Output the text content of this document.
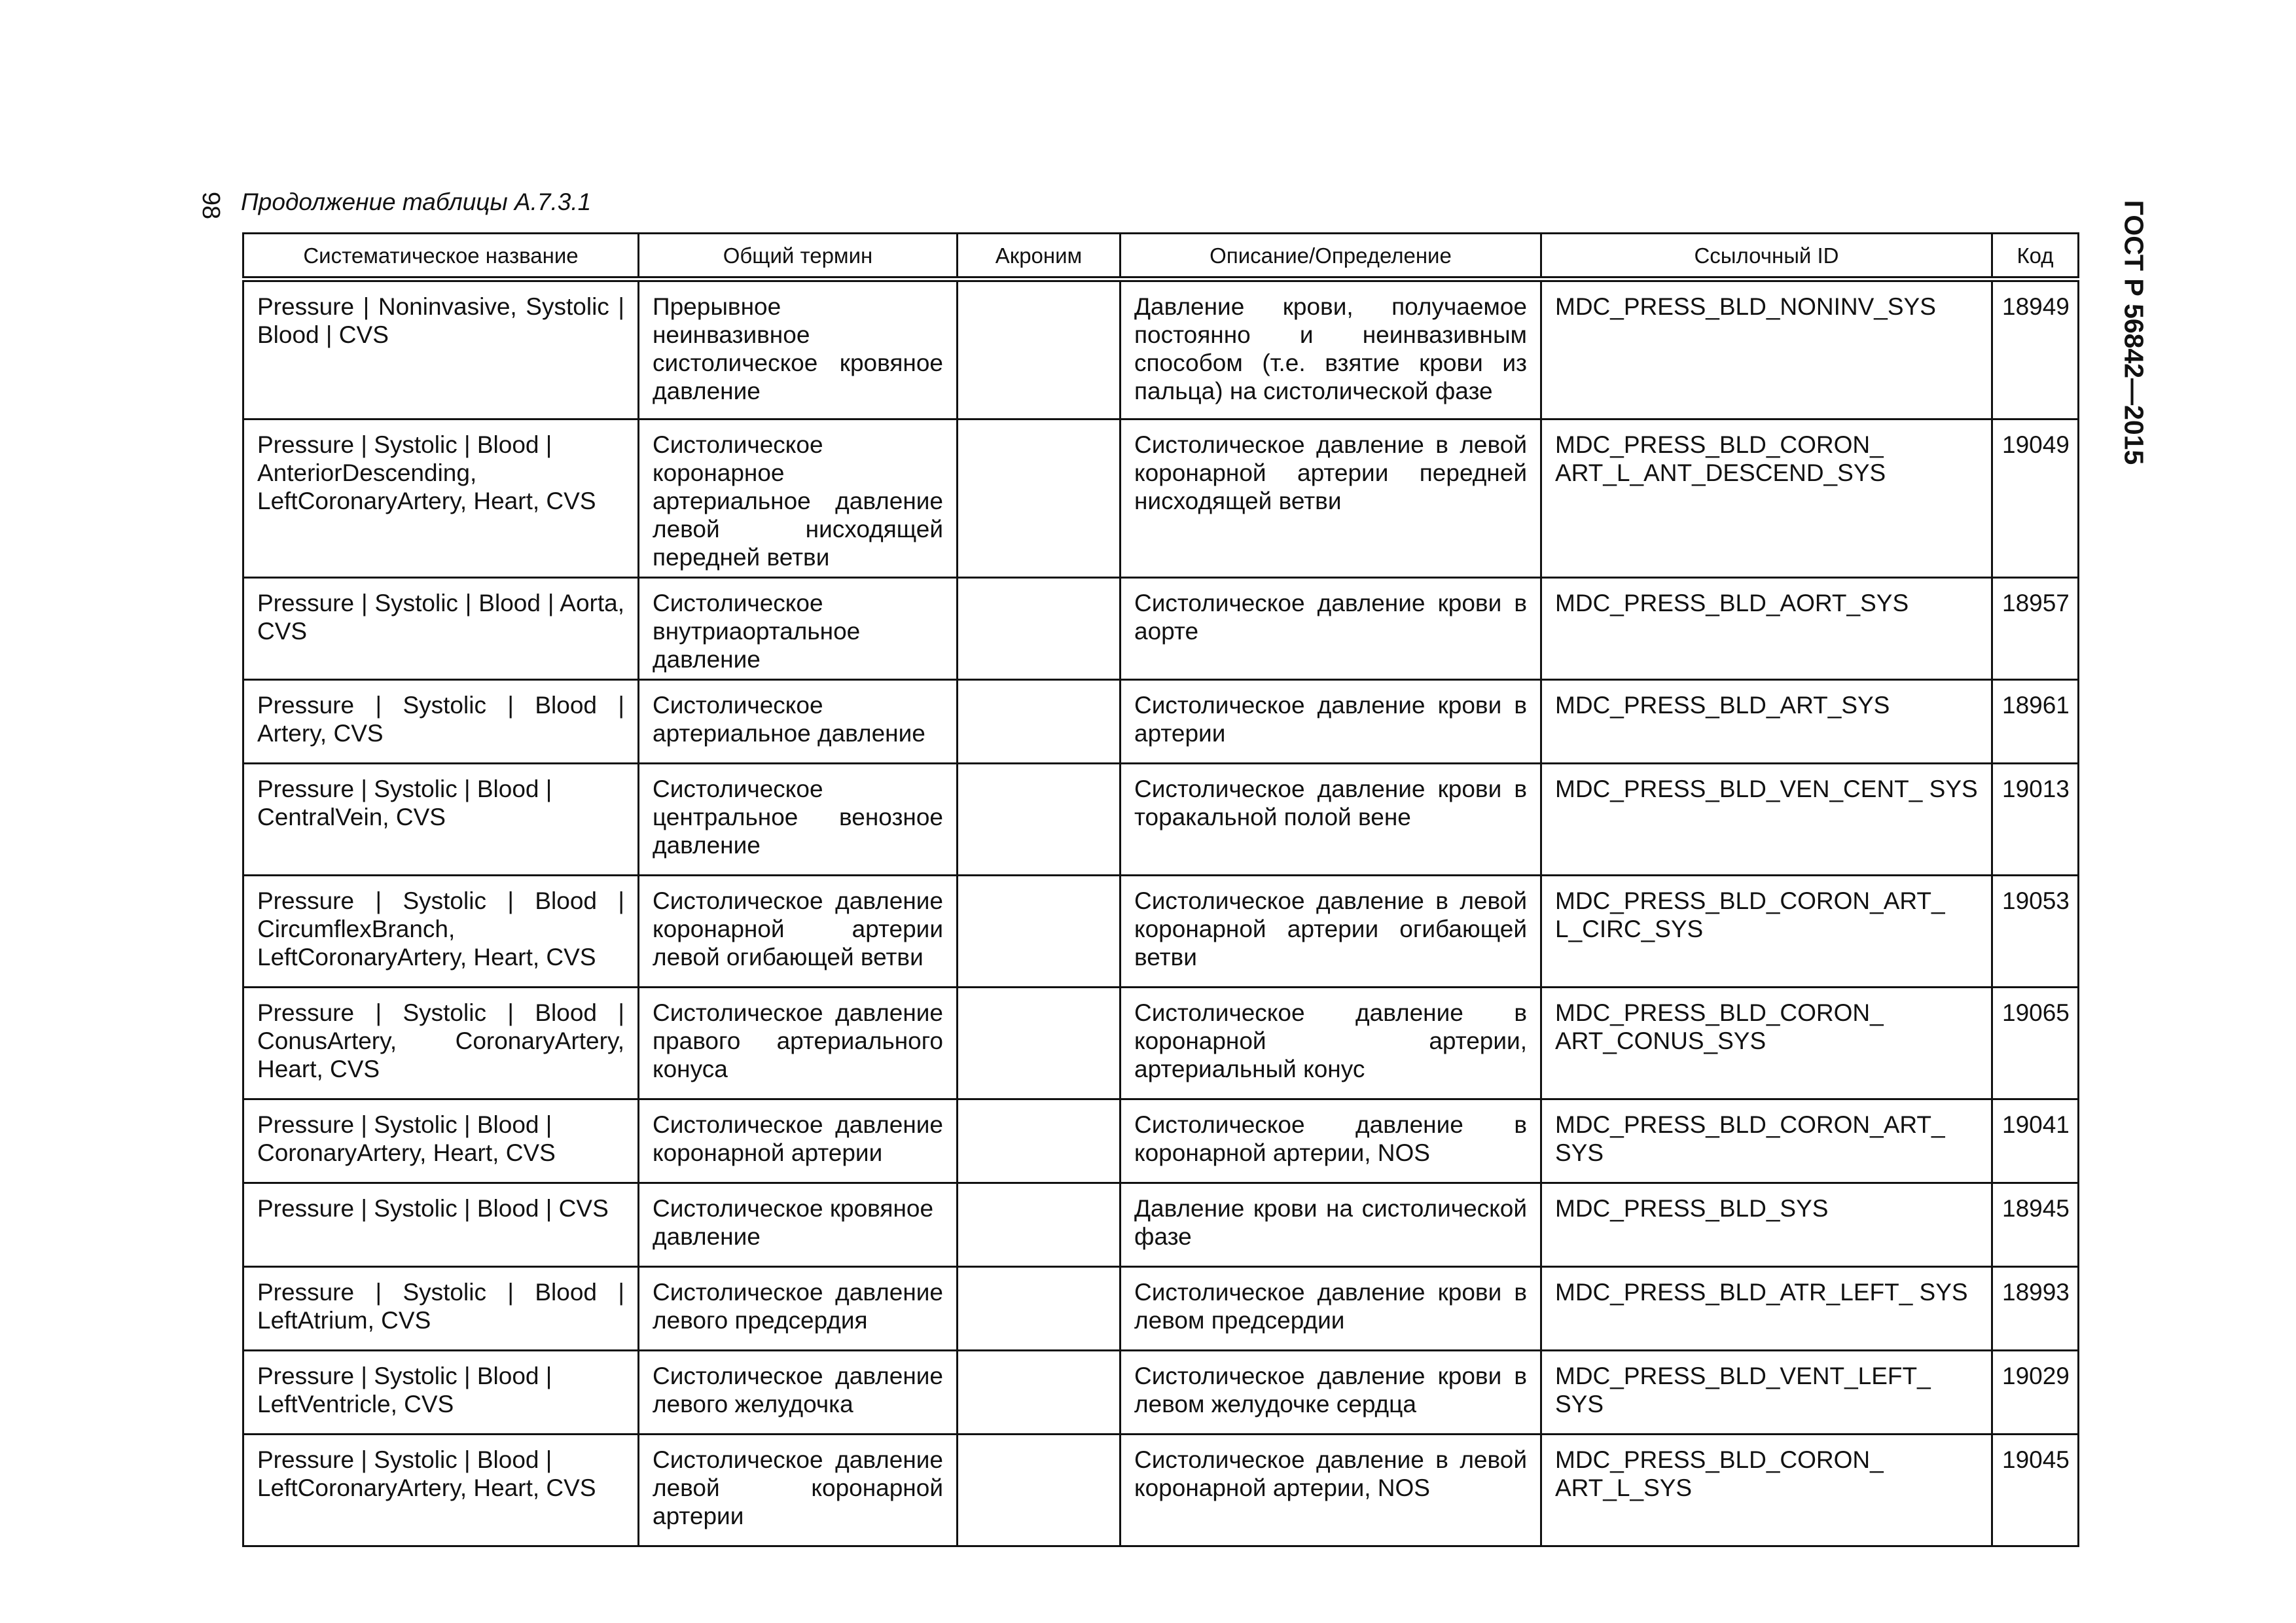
98 Продолжение таблицы А.7.3.1	ГОСТ Р 56842—2015
Систематическое название	Общий термин	Акроним	Описание/Определение	Ссылочный ID	Код
Pressure | Noninvasive, Systolic | Blood | CVS	Прерывное неинвазивное систолическое кровяное давление		Давление крови, получаемое постоянно и неинвазивным способом (т.е. взятие крови из пальца) на систолической фазе	MDC_PRESS_BLD_NONINV_SYS	18949
Pressure | Systolic | Blood | AnteriorDescending, LeftCoronaryArtery, Heart, CVS	Систолическое коронарное артериальное давление левой нисходящей передней ветви		Систолическое давление в левой коронарной артерии передней нисходящей ветви	MDC_PRESS_BLD_CORON_ ART_L_ANT_DESCEND_SYS	19049
Pressure | Systolic | Blood | Aorta, CVS	Систолическое внутриаортальное давление		Систолическое давление крови в аорте	MDC_PRESS_BLD_AORT_SYS	18957
Pressure | Systolic | Blood | Artery, CVS	Систолическое артериальное давление		Систолическое давление крови в артерии	MDC_PRESS_BLD_ART_SYS	18961
Pressure | Systolic | Blood | CentralVein, CVS	Систолическое центральное венозное давление		Систолическое давление крови в торакальной полой вене	MDC_PRESS_BLD_VEN_CENT_ SYS	19013
Pressure | Systolic | Blood | CircumflexBranch, LeftCoronaryArtery, Heart, CVS	Систолическое давление коронарной артерии левой огибающей ветви		Систолическое давление в левой коронарной артерии огибающей ветви	MDC_PRESS_BLD_CORON_ART_ L_CIRC_SYS	19053
Pressure | Systolic | Blood | ConusArtery, CoronaryArtery, Heart, CVS	Систолическое давление правого артериального конуса		Систолическое давление в коронарной артерии, артериальный конус	MDC_PRESS_BLD_CORON_ ART_CONUS_SYS	19065
Pressure | Systolic | Blood | CoronaryArtery, Heart, CVS	Систолическое давление коронарной артерии		Систолическое давление в коронарной артерии, NOS	MDC_PRESS_BLD_CORON_ART_ SYS	19041
Pressure | Systolic | Blood | CVS	Систолическое кровяное давление		Давление крови на систолической фазе	MDC_PRESS_BLD_SYS	18945
Pressure | Systolic | Blood | LeftAtrium, CVS	Систолическое давление левого предсердия		Систолическое давление крови в левом предсердии	MDC_PRESS_BLD_ATR_LEFT_ SYS	18993
Pressure | Systolic | Blood | LeftVentricle, CVS	Систолическое давление левого желудочка		Систолическое давление крови в левом желудочке сердца	MDC_PRESS_BLD_VENT_LEFT_ SYS	19029
Pressure | Systolic | Blood | LeftCoronaryArtery, Heart, CVS	Систолическое давление левой коронарной артерии		Систолическое давление в левой коронарной артерии, NOS	MDC_PRESS_BLD_CORON_ ART_L_SYS	19045
